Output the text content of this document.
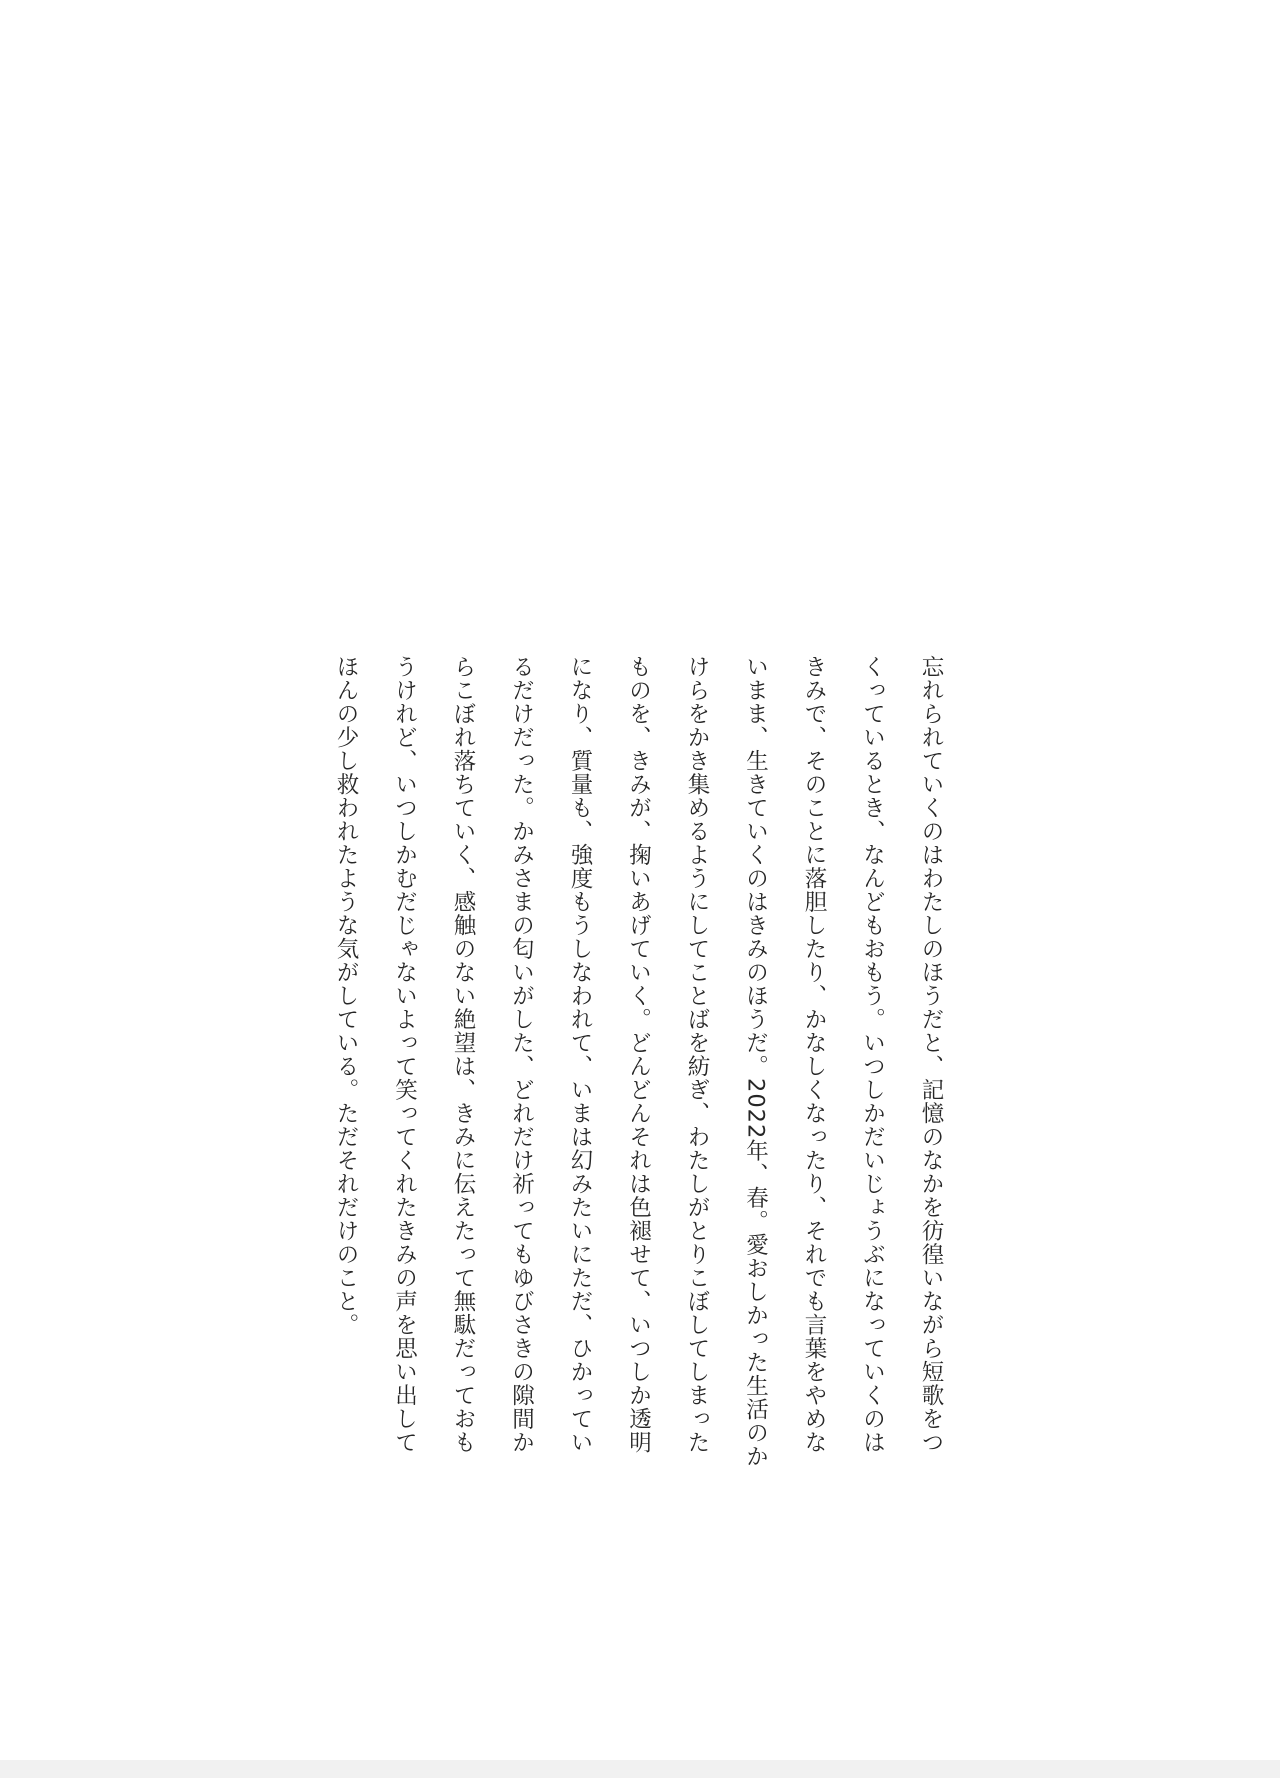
忘れられていくのはわたしのほうだと、記憶のなかを彷徨いながら短歌をつ
くっているとき、なんどもおもう。いつしかだいじょうぶになっていくのは
きみで、そのことに落胆したり、かなしくなったり、それでも言葉をやめな
いまま、生きていくのはきみのほうだ。2022年、春。愛おしかった生活のか
けらをかき集めるようにしてことばを紡ぎ、わたしがとりこぼしてしまった
ものを、きみが、掬いあげていく。どんどんそれは色褪せて、いつしか透明
になり、質量も、強度もうしなわれて、いまは幻みたいにただ、ひかってい
るだけだった。かみさまの匂いがした、どれだけ祈ってもゆびさきの隙間か
らこぼれ落ちていく、感触のない絶望は、きみに伝えたって無駄だっておも
うけれど、いつしかむだじゃないよって笑ってくれたきみの声を思い出して
ほんの少し救われたような気がしている。ただそれだけのこと。
